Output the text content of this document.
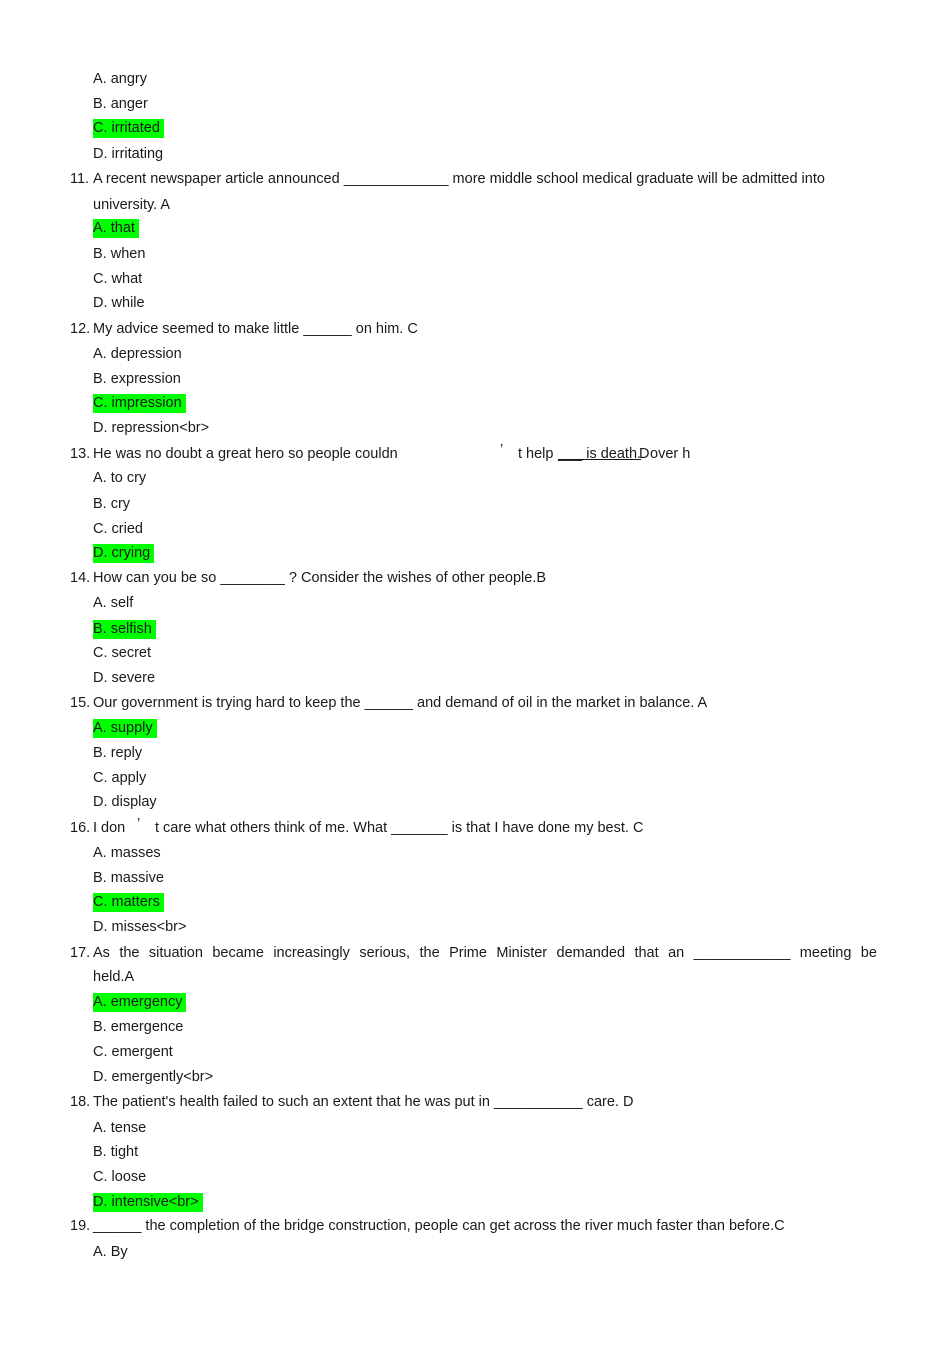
A. angry
B. anger
C. irritated
D. irritating
11. A recent newspaper article announced _____________ more middle school medical graduate will be admitted into
university. A
A. that
B. when
C. what
D. while
12. My advice seemed to make little ______ on him. C
A. depression
B. expression
C. impression
D. repression<br>
13. He was no doubt a great hero so people couldn	’ t help ___ is death.
D over h
A. to cry
B. cry
C. cried
D. crying
14. How can you be so ________ ? Consider the wishes of other people.B
A. self
B. selfish
C. secret
D. severe
15. Our government is trying hard to keep the ______ and demand of oil in the market in balance. A
A. supply
B. reply
C. apply
D. display
16. I don ’ t care what others think of me. What _______ is that I have done my best. C
A. masses
B. massive
C. matters
D. misses<br>
17. As the situation became increasingly serious, the Prime Minister demanded that an ____________ meeting be
held.A
A. emergency
B. emergence
C. emergent
D. emergently<br>
18. The patient's health failed to such an extent that he was put in ___________ care. D
A. tense
B. tight
C. loose
D. intensive<br>
19. ______ the completion of the bridge construction, people can get across the river much faster than before.C
A. By
